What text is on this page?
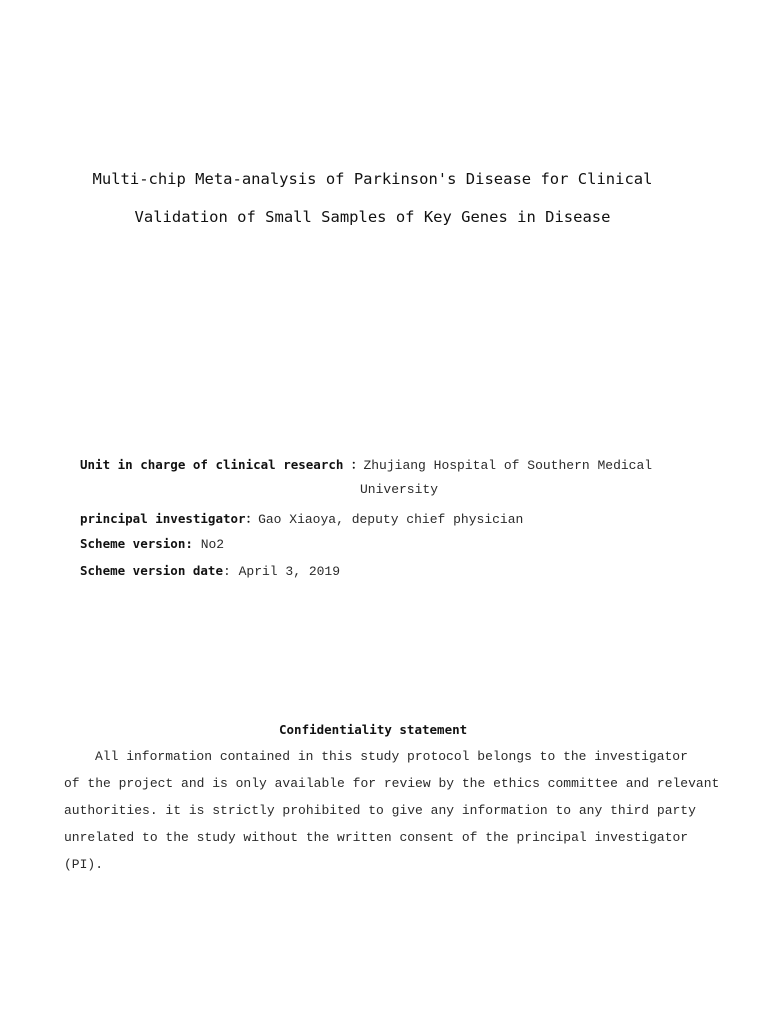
Multi-chip Meta-analysis of Parkinson's Disease for Clinical
Validation of Small Samples of Key Genes in Disease
Unit in charge of clinical research ：Zhujiang Hospital of Southern Medical
University
principal investigator：Gao Xiaoya, deputy chief physician
Scheme version: No2
Scheme version date: April 3, 2019
Confidentiality statement
All information contained in this study protocol belongs to the investigator
of the project and is only available for review by the ethics committee and relevant
authorities. it is strictly prohibited to give any information to any third party
unrelated to the study without the written consent of the principal investigator
(PI).
